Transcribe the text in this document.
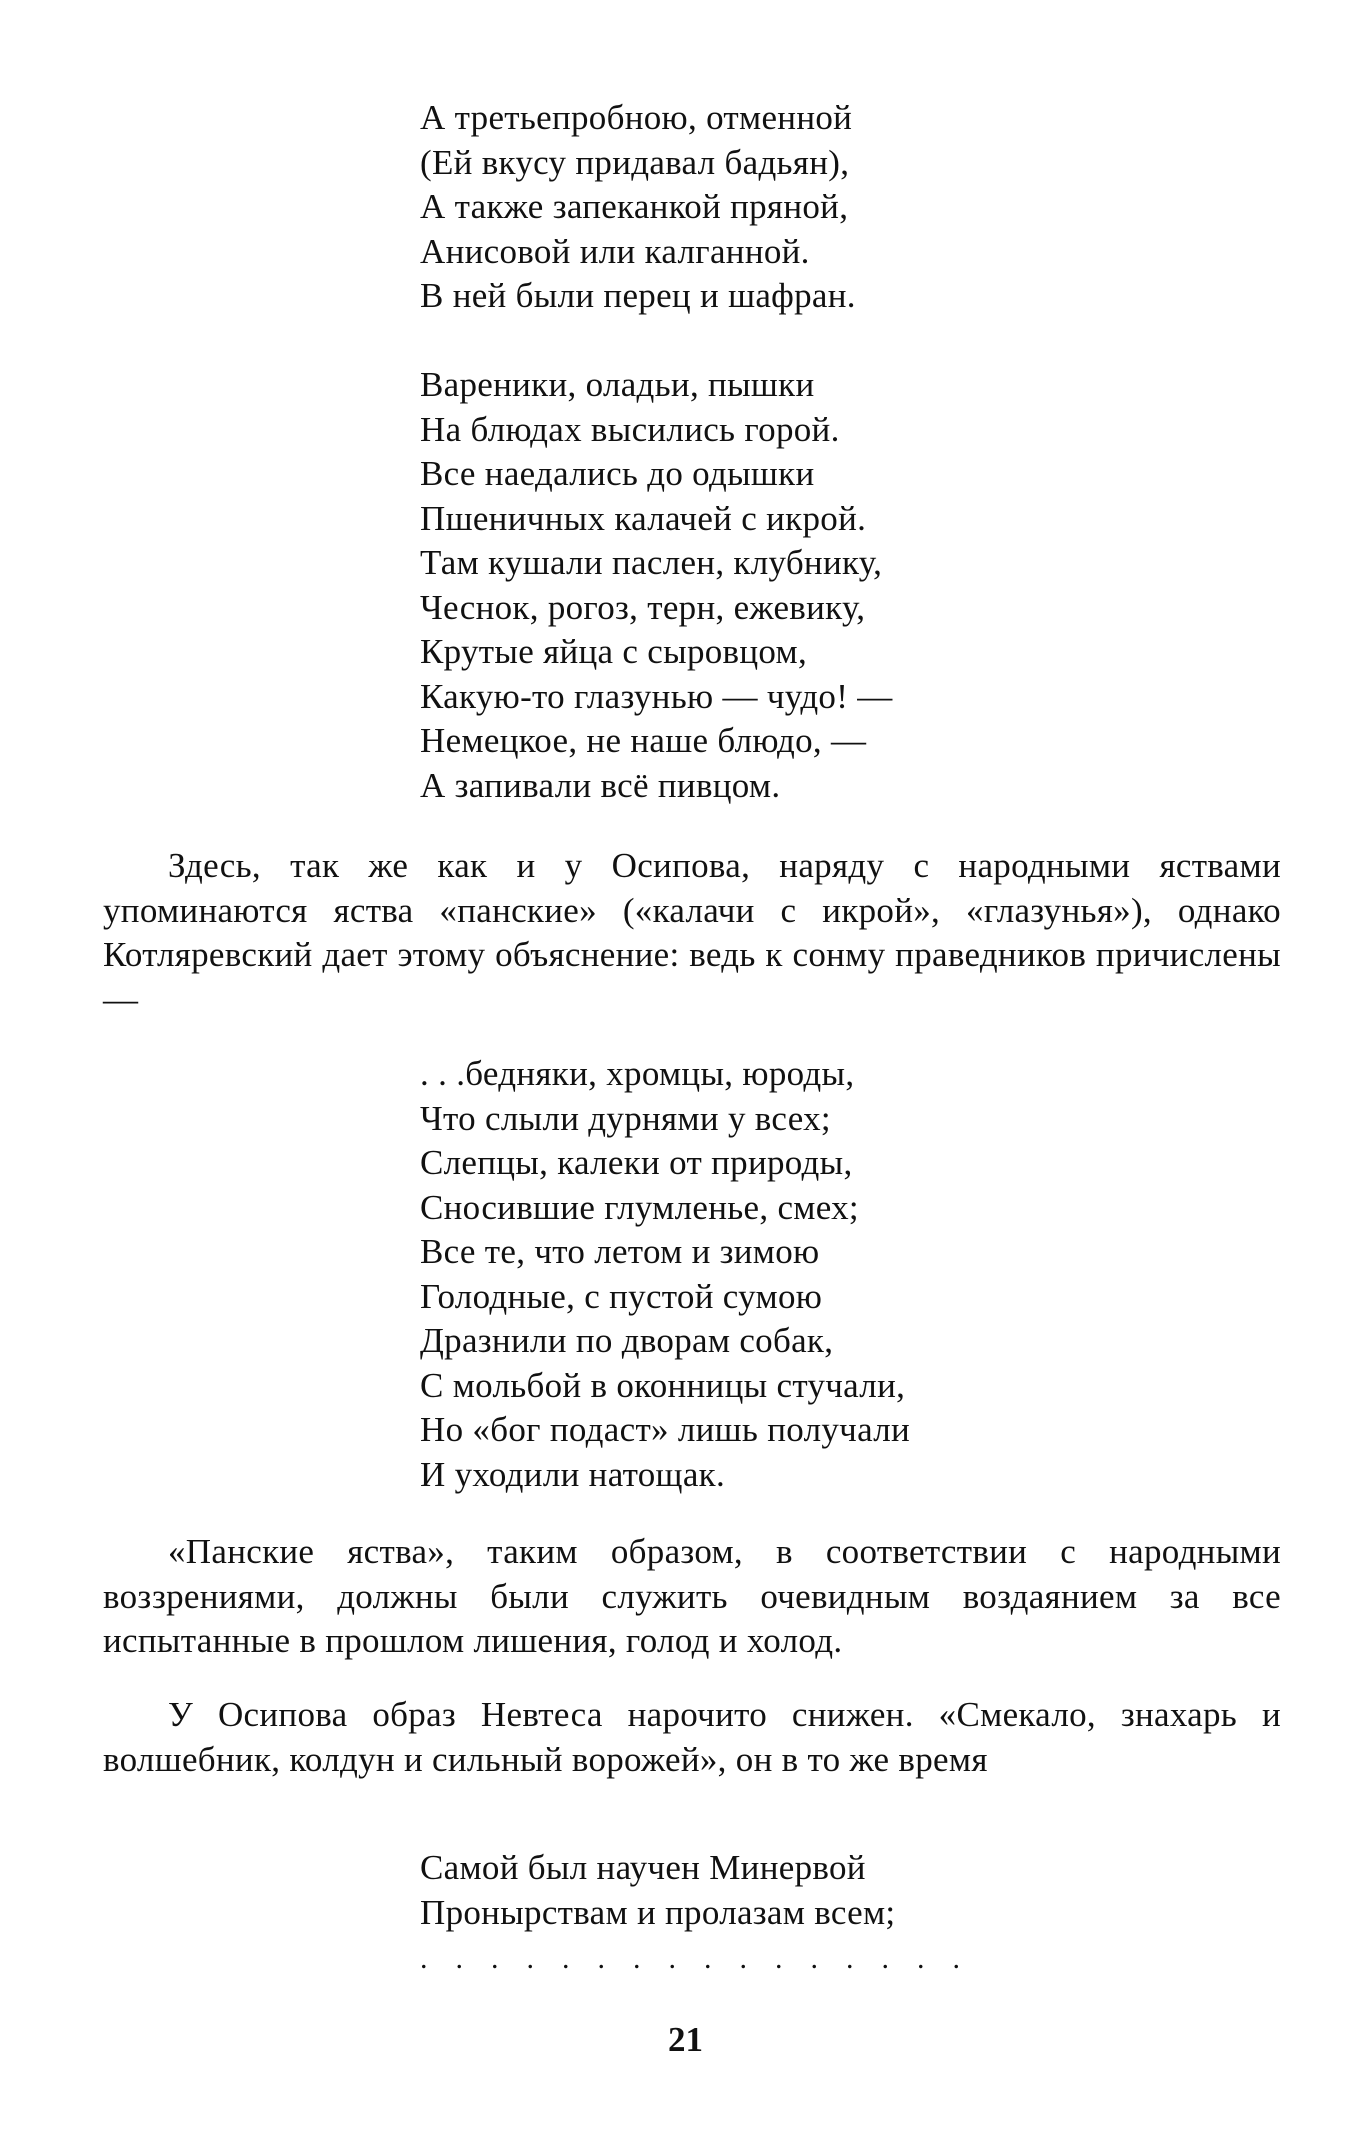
А третьепробною, отменной
(Ей вкусу придавал бадьян),
А также запеканкой пряной,
Анисовой или калганной.
В ней были перец и шафран.
Вареники, оладьи, пышки
На блюдах высились горой.
Все наедались до одышки
Пшеничных калачей с икрой.
Там кушали паслен, клубнику,
Чеснок, рогоз, терн, ежевику,
Крутые яйца с сыровцом,
Какую-то глазунью — чудо! —
Немецкое, не наше блюдо, —
А запивали всё пивцом.

Здесь, так же как и у Осипова, наряду с народными яствами упоминаются яства «панские» («калачи с икрой», «глазунья»), однако Котляревский дает этому объяснение: ведь к сонму праведников причислены —

. . .бедняки, хромцы, юроды,
Что слыли дурнями у всех;
Слепцы, калеки от природы,
Сносившие глумленье, смех;
Все те, что летом и зимою
Голодные, с пустой сумою
Дразнили по дворам собак,
С мольбой в оконницы стучали,
Но «бог подаст» лишь получали
И уходили натощак.

«Панские яства», таким образом, в соответствии с народными воззрениями, должны были служить очевидным воздаянием за все испытанные в прошлом лишения, голод и холод.

У Осипова образ Невтеса нарочито снижен. «Смекало, знахарь и волшебник, колдун и сильный ворожей», он в то же время

Самой был научен Минервой
Пронырствам и пролазам всем;
. . . . . . . . . . . . . . . .
21
